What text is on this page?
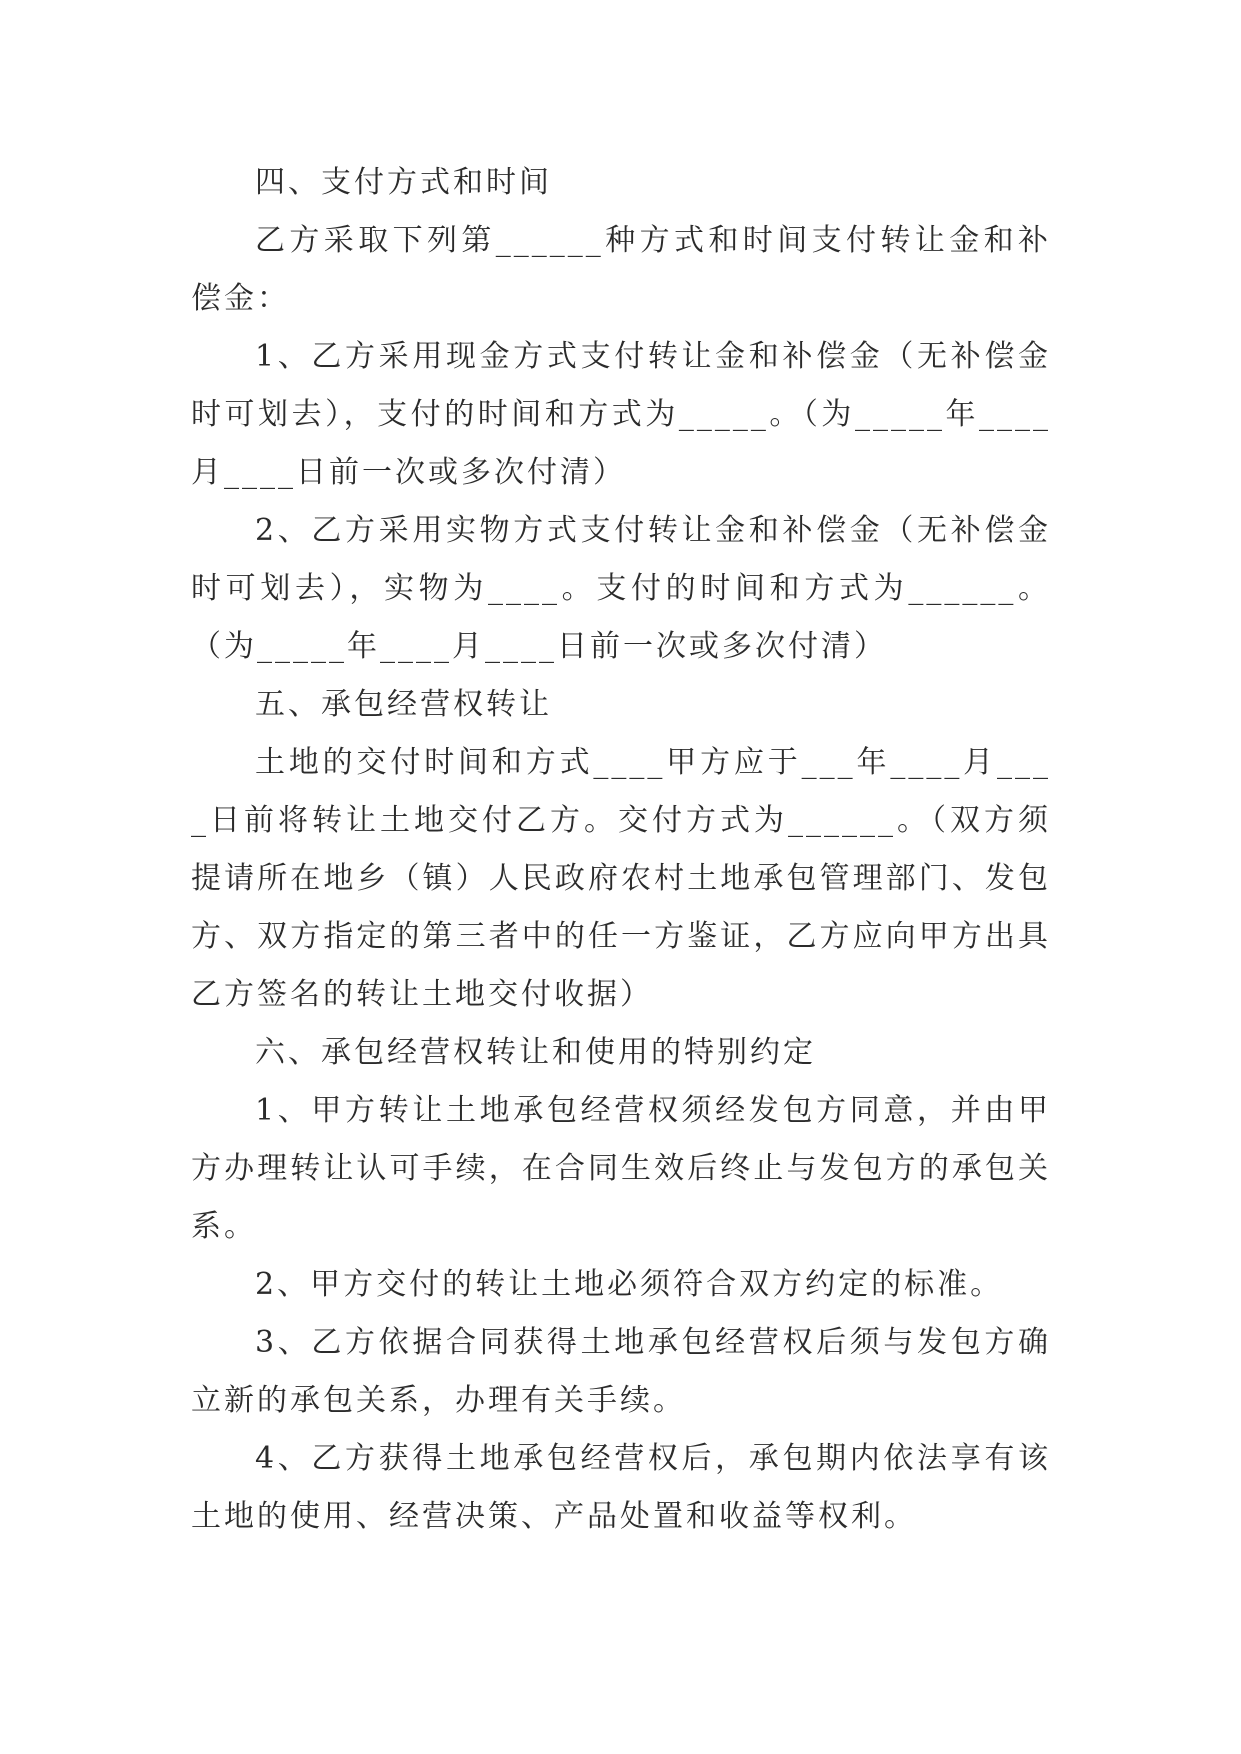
四、支付方式和时间

乙方采取下列第______种方式和时间支付转让金和补偿金：

1、乙方采用现金方式支付转让金和补偿金（无补偿金时可划去），支付的时间和方式为_____。（为_____年____月____日前一次或多次付清）

2、乙方采用实物方式支付转让金和补偿金（无补偿金时可划去），实物为____。支付的时间和方式为______。（为_____年____月____日前一次或多次付清）

五、承包经营权转让

土地的交付时间和方式____甲方应于___年____月____日前将转让土地交付乙方。交付方式为______。（双方须提请所在地乡（镇）人民政府农村土地承包管理部门、发包方、双方指定的第三者中的任一方鉴证，乙方应向甲方出具乙方签名的转让土地交付收据）

六、承包经营权转让和使用的特别约定

1、甲方转让土地承包经营权须经发包方同意，并由甲方办理转让认可手续，在合同生效后终止与发包方的承包关系。

2、甲方交付的转让土地必须符合双方约定的标准。

3、乙方依据合同获得土地承包经营权后须与发包方确立新的承包关系，办理有关手续。

4、乙方获得土地承包经营权后，承包期内依法享有该土地的使用、经营决策、产品处置和收益等权利。
